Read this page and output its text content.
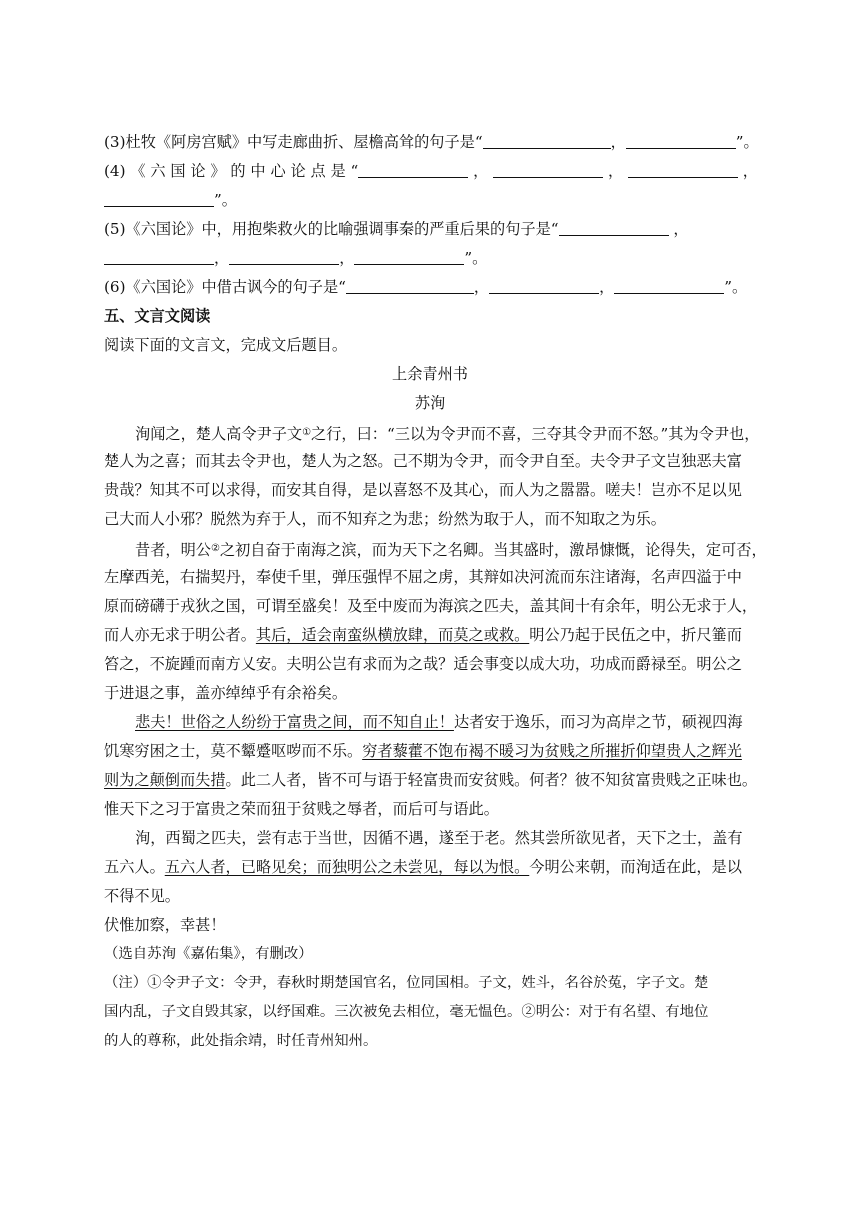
(3)杜牧《阿房宫赋》中写走廊曲折、屋檐高耸的句子是“	，	”。
(4) 《 六 国 论 》 的 中 心 论 点 是 “	，	，	，
”。
(5)《六国论》中，用抱柴救火的比喻强调事秦的严重后果的句子是“	，
，	，	”。
(6)《六国论》中借古讽今的句子是“	，	，	”。
五、文言文阅读
阅读下面的文言文，完成文后题目。
上余青州书
苏洵
洵闻之，楚人高令尹子文①之行，曰：“三以为令尹而不喜，三夺其令尹而不怒。”其为令尹也，
楚人为之喜；而其去令尹也，楚人为之怒。己不期为令尹，而令尹自至。夫令尹子文岂独恶夫富
贵哉？知其不可以求得，而安其自得，是以喜怒不及其心，而人为之嚣嚣。嗟夫！岂亦不足以见
己大而人小邪？脱然为弃于人，而不知弃之为悲；纷然为取于人，而不知取之为乐。
昔者，明公②之初自奋于南海之滨，而为天下之名卿。当其盛时，激昂慷慨，论得失，定可否，
左摩西羌，右揣契丹，奉使千里，弹压强悍不屈之虏，其辩如决河流而东注诸海，名声四溢于中
原而磅礴于戎狄之国，可谓至盛矣！及至中废而为海滨之匹夫，盖其间十有余年，明公无求于人，
而人亦无求于明公者。其后，适会南蛮纵横放肆，而莫之或救。明公乃起于民伍之中，折尺箠而
笞之，不旋踵而南方乂安。夫明公岂有求而为之哉？适会事变以成大功，功成而爵禄至。明公之
于进退之事，盖亦绰绰乎有余裕矣。
悲夫！世俗之人纷纷于富贵之间，而不知自止！达者安于逸乐，而习为高岸之节，硕视四海
饥寒穷困之士，莫不颦蹙呕哕而不乐。穷者藜藿不饱布褐不暖习为贫贱之所摧折仰望贵人之辉光
则为之颠倒而失措。此二人者，皆不可与语于轻富贵而安贫贱。何者？彼不知贫富贵贱之正味也。
惟天下之习于富贵之荣而狃于贫贱之辱者，而后可与语此。
洵，西蜀之匹夫，尝有志于当世，因循不遇，遂至于老。然其尝所欲见者，天下之士，盖有
五六人。五六人者，已略见矣；而独明公之未尝见，每以为恨。今明公来朝，而洵适在此，是以
不得不见。
伏惟加察，幸甚！
（选自苏洵《嘉佑集》，有删改）
（注）①令尹子文：令尹，春秋时期楚国官名，位同国相。子文，姓斗，名谷於菟，字子文。楚
国内乱，子文自毁其家，以纾国难。三次被免去相位，毫无愠色。②明公：对于有名望、有地位
的人的尊称，此处指余靖，时任青州知州。
